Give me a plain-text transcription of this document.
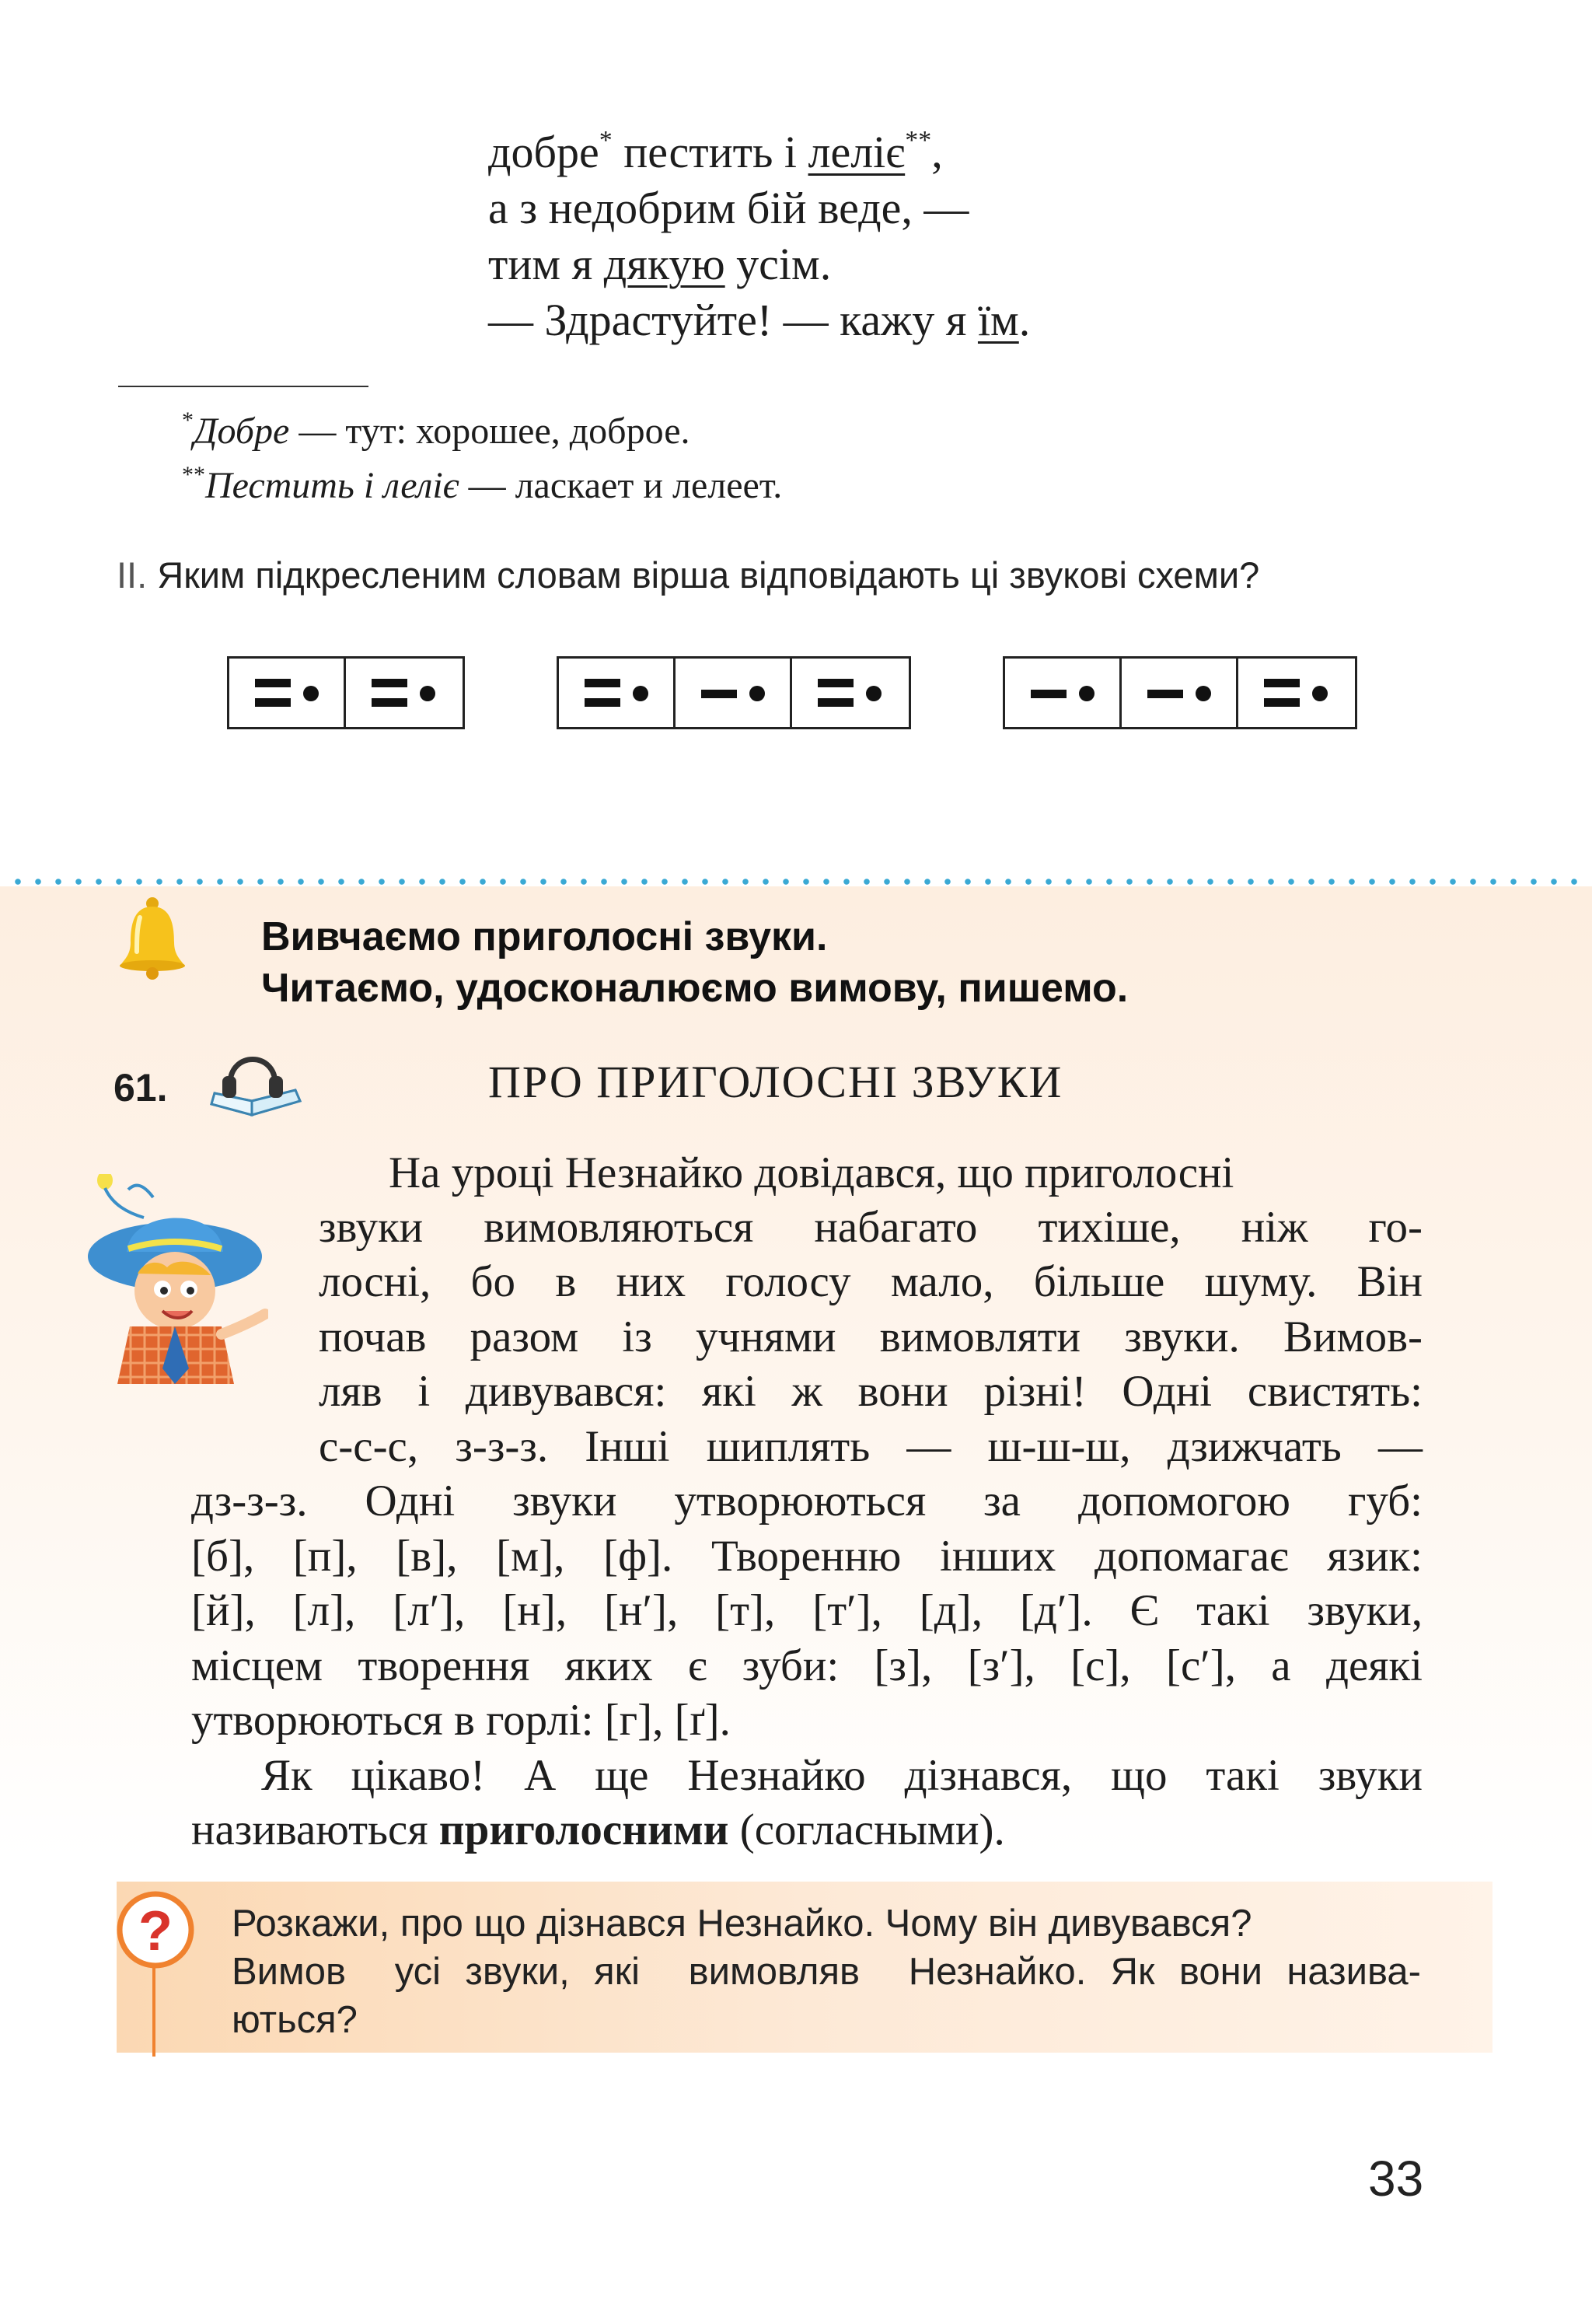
добре* пестить і леліє**,
а з недобрим бій веде, —
тим я дякую усім.
— Здрастуйте! — кажу я їм.
*Добре — тут: хорошее, доброе.
**Пестить і леліє — ласкает и лелеет.
II. Яким підкресленим словам вірша відповідають ці звукові схеми?
Вивчаємо приголосні звуки.
Читаємо, удосконалюємо вимову, пишемо.
61.	ПРО ПРИГОЛОСНІ ЗВУКИ
На уроці Незнайко довідався, що приголосні
звуки вимовляються набагато тихіше, ніж го-
лосні, бо в них голосу мало, більше шуму. Він
почав разом із учнями вимовляти звуки. Вимов-
ляв і дивувався: які ж вони різні! Одні свистять:
с-с-с, з-з-з. Інші шиплять — ш-ш-ш, дзижчать —
дз-з-з. Одні звуки утворюються за допомогою губ:
[б], [п], [в], [м], [ф]. Творенню інших допомагає язик:
[й], [л], [л′], [н], [н′], [т], [т′], [д], [д′]. Є такі звуки,
місцем творення яких є зуби: [з], [з′], [с], [с′], а деякі
утворюються в горлі: [г], [ґ].
Як цікаво! А ще Незнайко дізнався, що такі звуки
називаються приголосними (согласными).
? Розкажи, про що дізнався Незнайко. Чому він дивувався?
Вимов  усі звуки, які  вимовляв  Незнайко. Як вони назива-
ються?
33
